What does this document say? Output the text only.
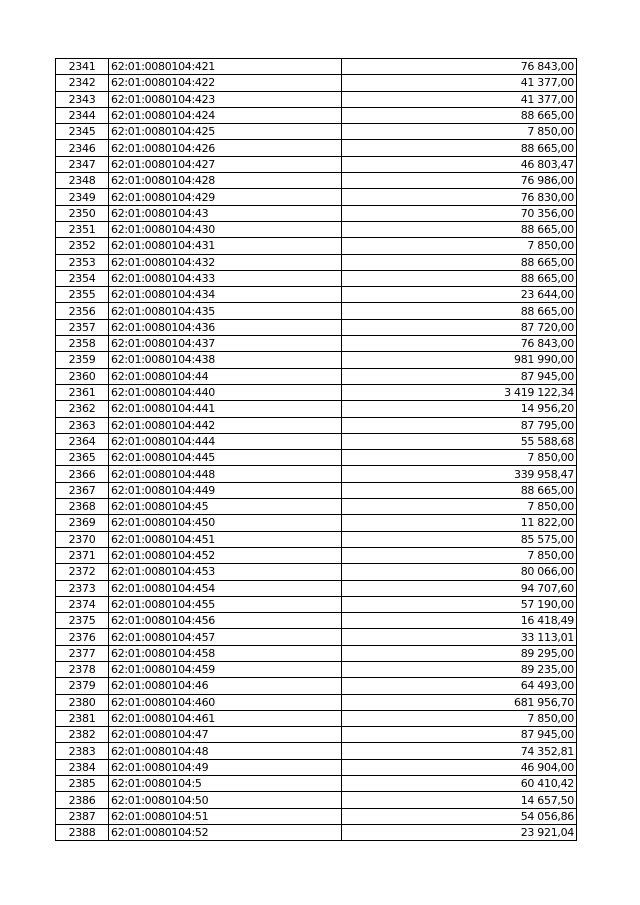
2341	62:01:0080104:421	76 843,00
2342	62:01:0080104:422	41 377,00
2343	62:01:0080104:423	41 377,00
2344	62:01:0080104:424	88 665,00
2345	62:01:0080104:425	7 850,00
2346	62:01:0080104:426	88 665,00
2347	62:01:0080104:427	46 803,47
2348	62:01:0080104:428	76 986,00
2349	62:01:0080104:429	76 830,00
2350	62:01:0080104:43	70 356,00
2351	62:01:0080104:430	88 665,00
2352	62:01:0080104:431	7 850,00
2353	62:01:0080104:432	88 665,00
2354	62:01:0080104:433	88 665,00
2355	62:01:0080104:434	23 644,00
2356	62:01:0080104:435	88 665,00
2357	62:01:0080104:436	87 720,00
2358	62:01:0080104:437	76 843,00
2359	62:01:0080104:438	981 990,00
2360	62:01:0080104:44	87 945,00
2361	62:01:0080104:440	3 419 122,34
2362	62:01:0080104:441	14 956,20
2363	62:01:0080104:442	87 795,00
2364	62:01:0080104:444	55 588,68
2365	62:01:0080104:445	7 850,00
2366	62:01:0080104:448	339 958,47
2367	62:01:0080104:449	88 665,00
2368	62:01:0080104:45	7 850,00
2369	62:01:0080104:450	11 822,00
2370	62:01:0080104:451	85 575,00
2371	62:01:0080104:452	7 850,00
2372	62:01:0080104:453	80 066,00
2373	62:01:0080104:454	94 707,60
2374	62:01:0080104:455	57 190,00
2375	62:01:0080104:456	16 418,49
2376	62:01:0080104:457	33 113,01
2377	62:01:0080104:458	89 295,00
2378	62:01:0080104:459	89 235,00
2379	62:01:0080104:46	64 493,00
2380	62:01:0080104:460	681 956,70
2381	62:01:0080104:461	7 850,00
2382	62:01:0080104:47	87 945,00
2383	62:01:0080104:48	74 352,81
2384	62:01:0080104:49	46 904,00
2385	62:01:0080104:5	60 410,42
2386	62:01:0080104:50	14 657,50
2387	62:01:0080104:51	54 056,86
2388	62:01:0080104:52	23 921,04
